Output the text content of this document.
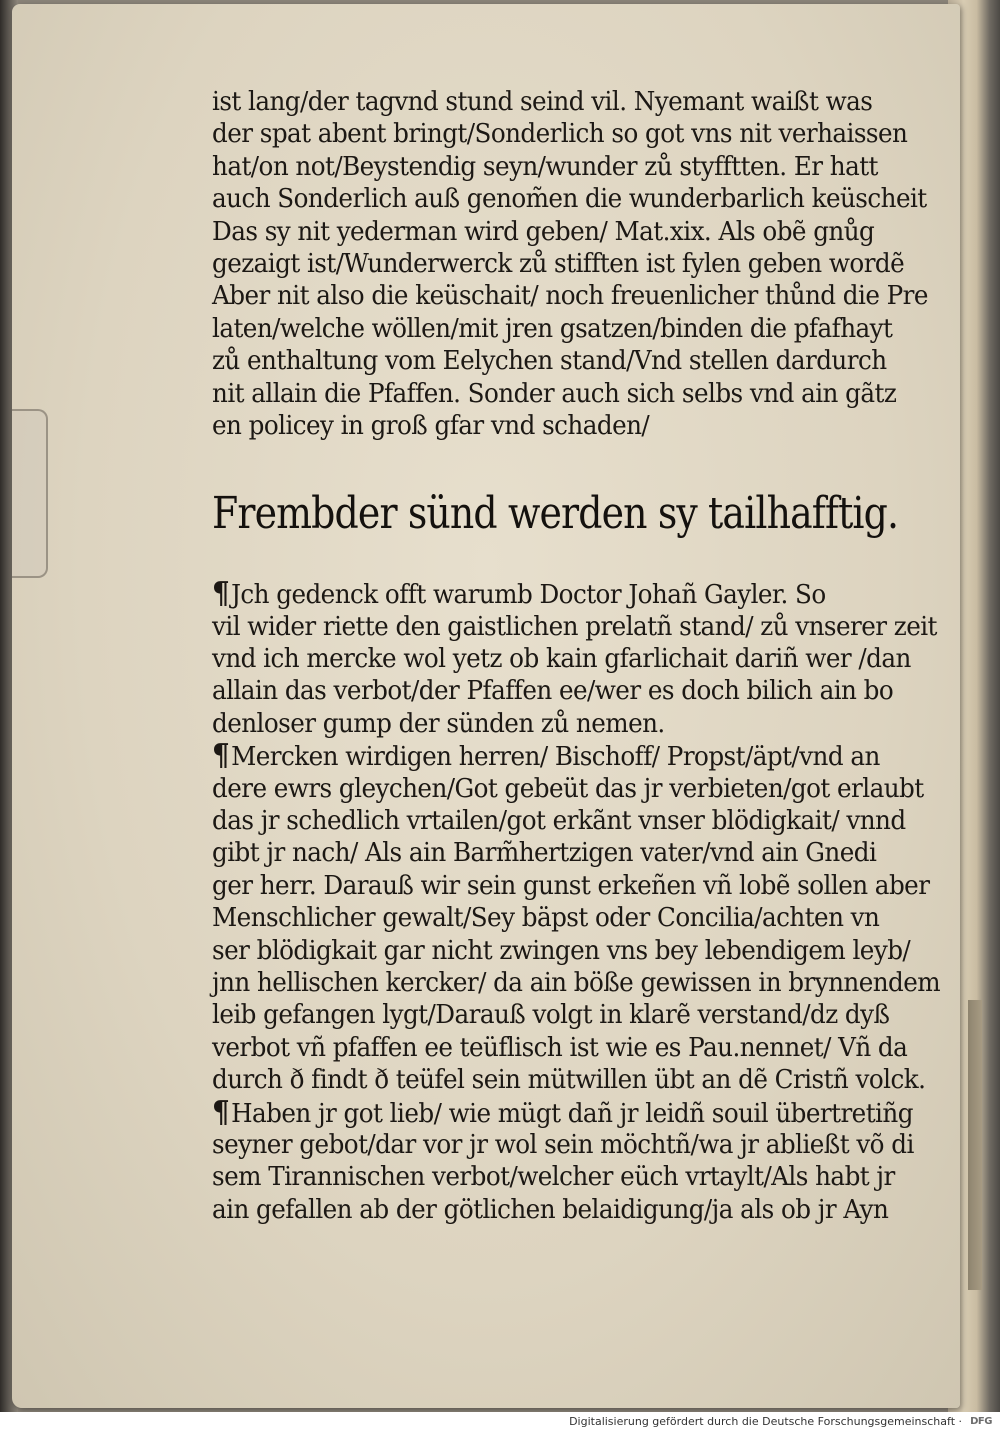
ist lang/der tagvnd stund seind vil. Nyemant waißt was
der spat abent bringt/Sonderlich so got vns nit verhaissen
hat/on not/Beystendig seyn/wunder zů styfftten. Er hatt
auch Sonderlich auß genom̃en die wunderbarlich keüscheit
Das sy nit yederman wird geben/ Mat.xix. Als obẽ gnůg
gezaigt ist/Wunderwerck zů stifften ist fylen geben wordẽ
Aber nit also die keüschait/ noch freuenlicher thůnd die Pre
laten/welche wöllen/mit jren gsatzen/binden die pfafhayt
zů enthaltung vom Eelychen stand/Vnd stellen dardurch
nit allain die Pfaffen. Sonder auch sich selbs vnd ain gãtz
en policey in groß gfar vnd schaden/
Frembder sünd werden sy tailhafftig.
¶Jch gedenck offt warumb Doctor Johañ Gayler. So
vil wider riette den gaistlichen prelatñ stand/ zů vnserer zeit
vnd ich mercke wol yetz ob kain gfarlichait dariñ wer /dan
allain das verbot/der Pfaffen ee/wer es doch bilich ain bo
denloser gump der sünden zů nemen.
¶Mercken wirdigen herren/ Bischoff/ Propst/äpt/vnd an
dere ewrs gleychen/Got gebeüt das jr verbieten/got erlaubt
das jr schedlich vrtailen/got erkãnt vnser blödigkait/ vnnd
gibt jr nach/ Als ain Barm̃hertzigen vater/vnd ain Gnedi
ger herr. Darauß wir sein gunst erkeñen vñ lobẽ sollen aber
Menschlicher gewalt/Sey bäpst oder Concilia/achten vn
ser blödigkait gar nicht zwingen vns bey lebendigem leyb/
jnn hellischen kercker/ da ain böße gewissen in brynnendem
leib gefangen lygt/Darauß volgt in klarẽ verstand/dz dyß
verbot vñ pfaffen ee teüflisch ist wie es Pau.nennet/ Vñ da
durch ð findt ð teüfel sein mütwillen übt an dẽ Cristñ volck.
¶Haben jr got lieb/ wie mügt dañ jr leidñ souil übertretiñg
seyner gebot/dar vor jr wol sein möchtñ/wa jr abließt võ di
sem Tirannischen verbot/welcher eüch vrtaylt/Als habt jr
ain gefallen ab der götlichen belaidigung/ja als ob jr Ayn
Digitalisierung gefördert durch die Deutsche Forschungsgemeinschaft · DFG
